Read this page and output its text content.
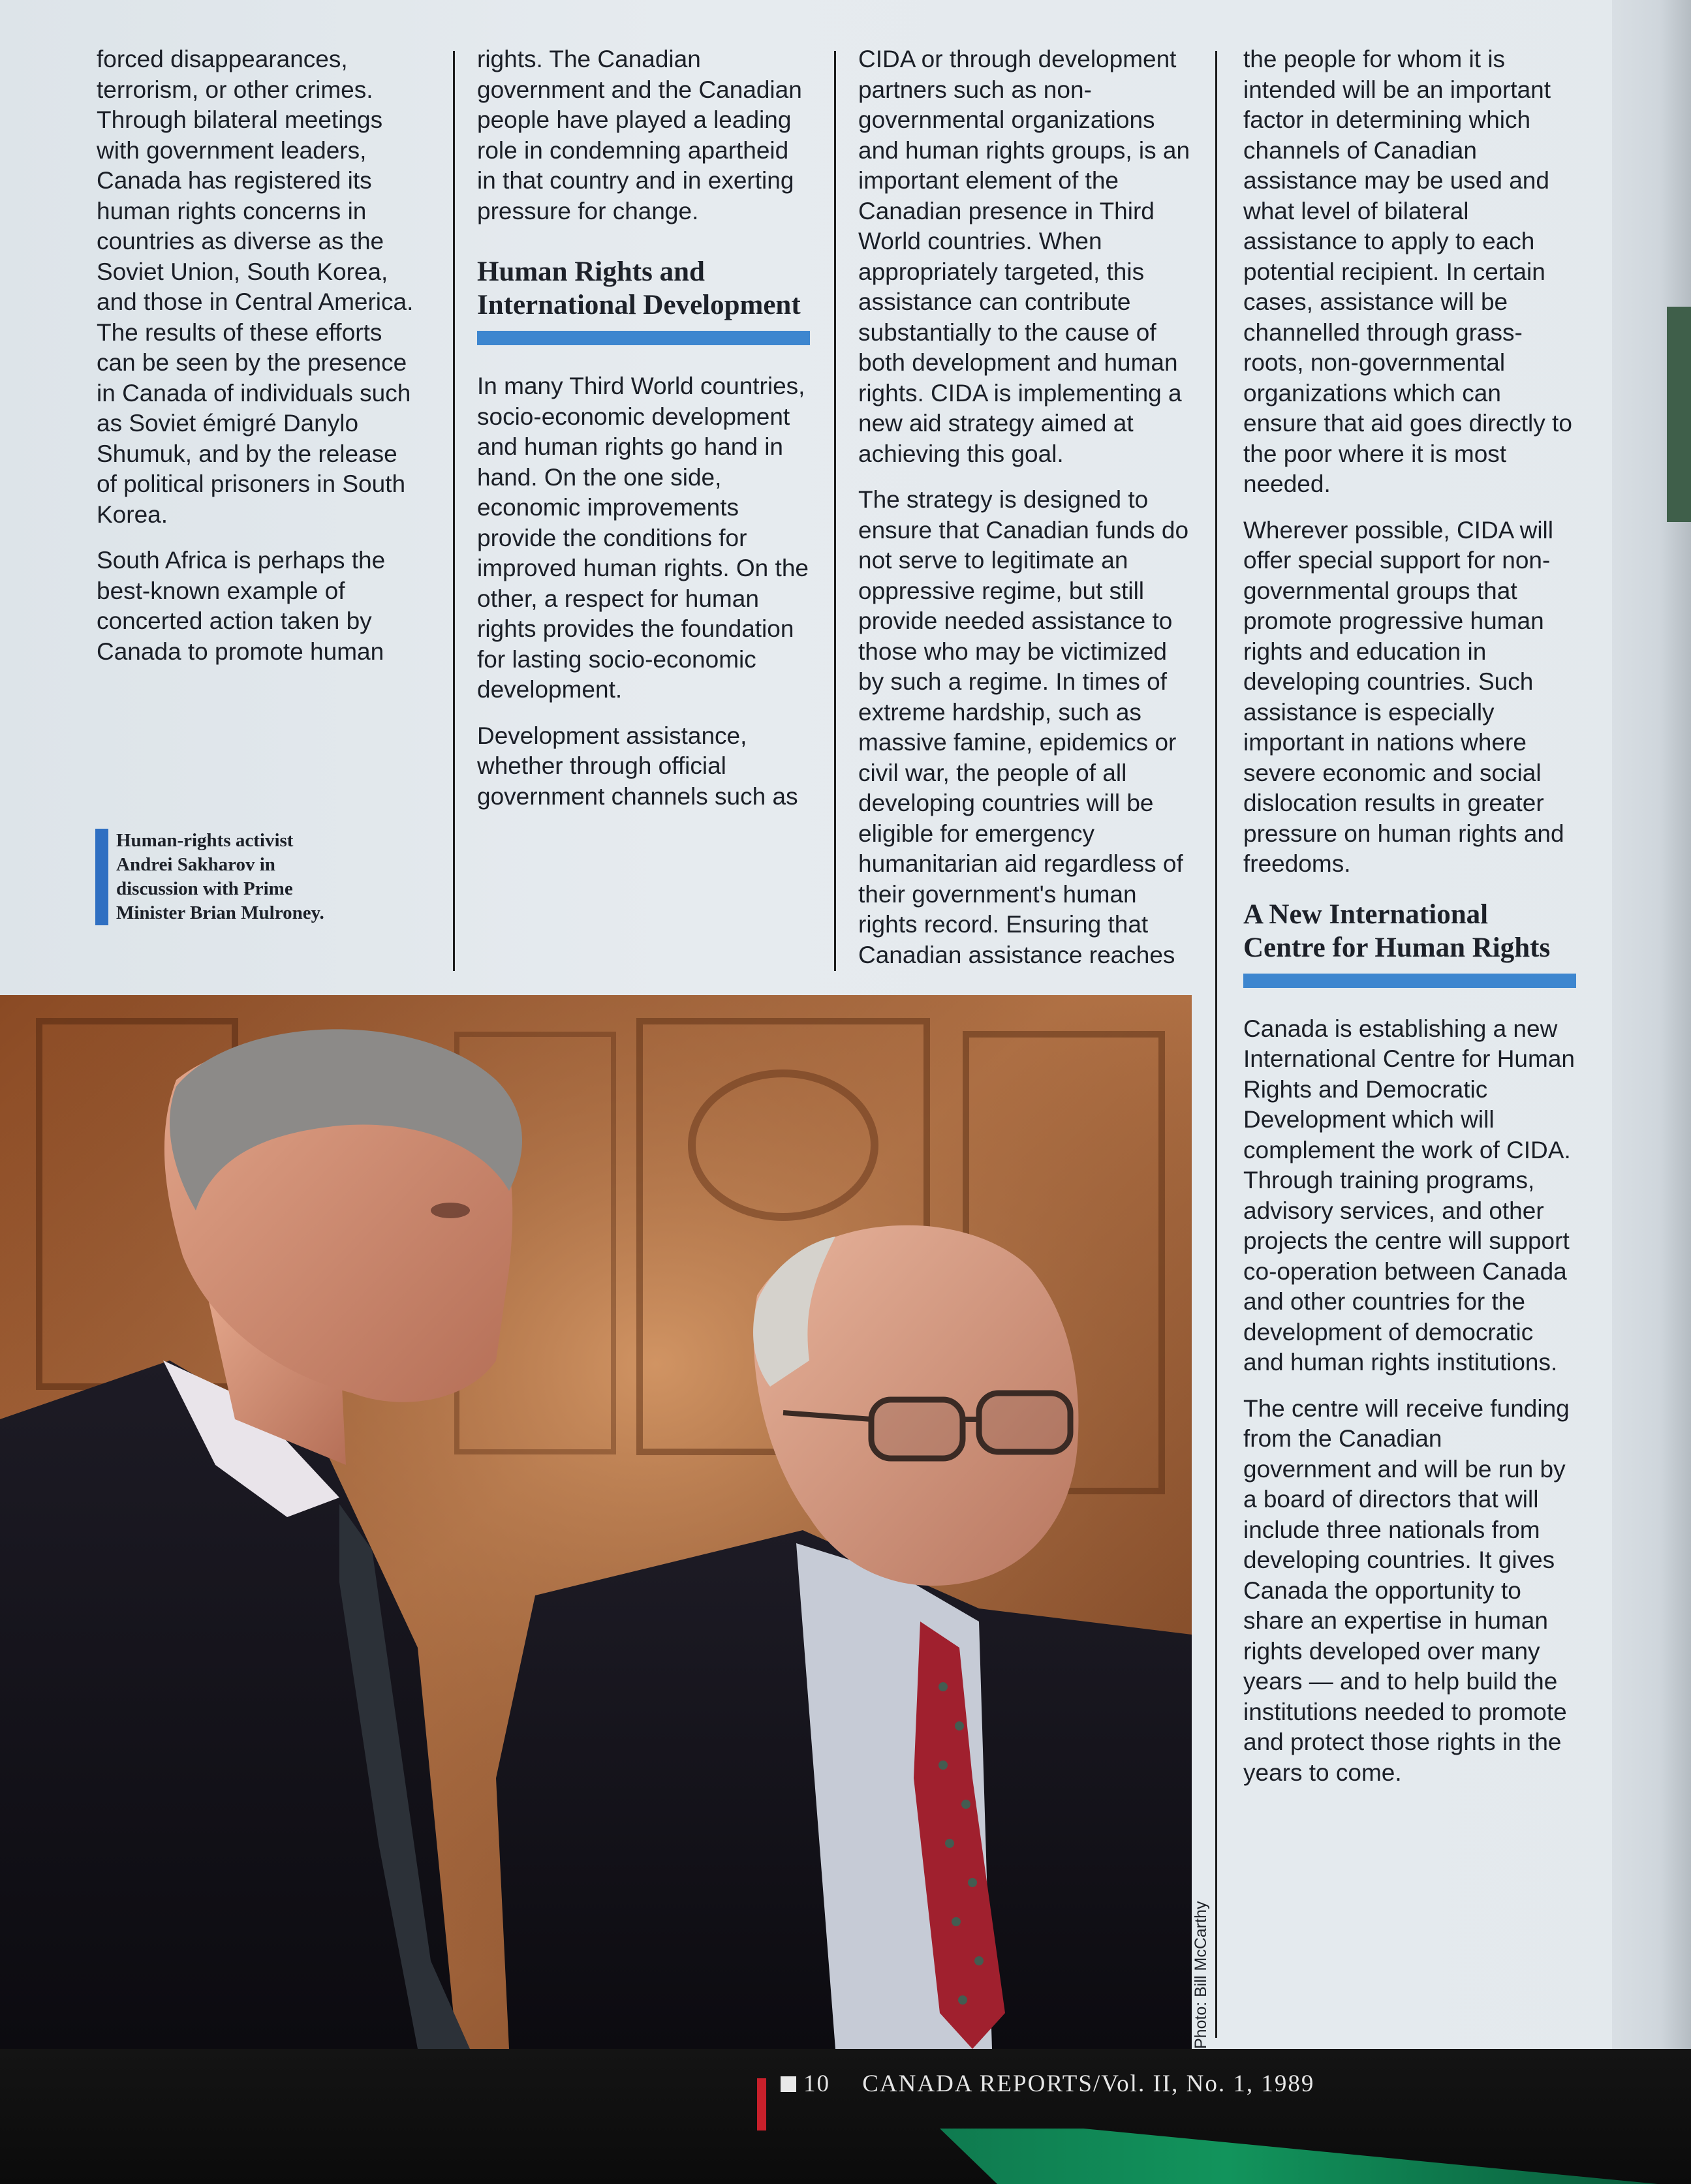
forced disappearances, terrorism, or other crimes. Through bilateral meetings with government leaders, Canada has registered its human rights concerns in countries as diverse as the Soviet Union, South Korea, and those in Central America. The results of these efforts can be seen by the presence in Canada of individuals such as Soviet émigré Danylo Shumuk, and by the release of political prisoners in South Korea.

South Africa is perhaps the best-known example of concerted action taken by Canada to promote human

rights. The Canadian government and the Canadian people have played a leading role in condemning apartheid in that country and in exerting pressure for change.

Human Rights and International Development

In many Third World countries, socio-economic development and human rights go hand in hand. On the one side, economic improvements provide the conditions for improved human rights. On the other, a respect for human rights provides the foundation for lasting socio-economic development.

Development assistance, whether through official government channels such as

CIDA or through development partners such as non-governmental organizations and human rights groups, is an important element of the Canadian presence in Third World countries. When appropriately targeted, this assistance can contribute substantially to the cause of both development and human rights. CIDA is implementing a new aid strategy aimed at achieving this goal.

The strategy is designed to ensure that Canadian funds do not serve to legitimate an oppressive regime, but still provide needed assistance to those who may be victimized by such a regime. In times of extreme hardship, such as massive famine, epidemics or civil war, the people of all developing countries will be eligible for emergency humanitarian aid regardless of their government's human rights record. Ensuring that Canadian assistance reaches

the people for whom it is intended will be an important factor in determining which channels of Canadian assistance may be used and what level of bilateral assistance to apply to each potential recipient. In certain cases, assistance will be channelled through grass-roots, non-governmental organizations which can ensure that aid goes directly to the poor where it is most needed.

Wherever possible, CIDA will offer special support for non-governmental groups that promote progressive human rights and education in developing countries. Such assistance is especially important in nations where severe economic and social dislocation results in greater pressure on human rights and freedoms.

A New International Centre for Human Rights

Canada is establishing a new International Centre for Human Rights and Democratic Development which will complement the work of CIDA. Through training programs, advisory services, and other projects the centre will support co-operation between Canada and other countries for the development of democratic and human rights institutions.

The centre will receive funding from the Canadian government and will be run by a board of directors that will include three nationals from developing countries. It gives Canada the opportunity to share an expertise in human rights developed over many years — and to help build the institutions needed to promote and protect those rights in the years to come.

Human-rights activist Andrei Sakharov in discussion with Prime Minister Brian Mulroney.
Photo: Bill McCarthy
10 CANADA REPORTS/Vol. II, No. 1, 1989
